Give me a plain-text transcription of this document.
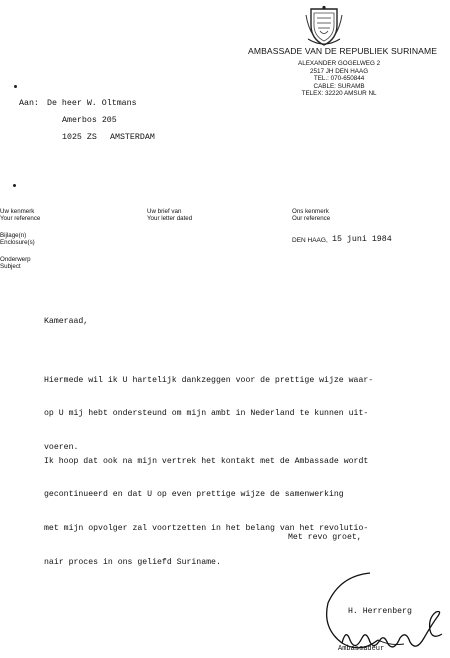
AMBASSADE VAN DE REPUBLIEK SURINAME
ALEXANDER GOGELWEG 2
2517 JH DEN HAAG
TEL.: 070-650844
CABLE: SURAMB
TELEX: 32220 AMSUR NL
Aan: De heer W. Oltmans
Amerbos 205
1025 ZS AMSTERDAM
Uw kenmerk
Your reference
Uw brief van
Your letter dated
Ons kenmerk
Our reference
Bijlage(n)
Enclosure(s)	DEN HAAG, 15 juni 1984
Onderwerp
Subject
Kameraad,

Hiermede wil ik U hartelijk dankzeggen voor de prettige wijze waar-

op U mij hebt ondersteund om mijn ambt in Nederland te kunnen uit-

voeren.

Ik hoop dat ook na mijn vertrek het kontakt met de Ambassade wordt

gecontinueerd en dat U op even prettige wijze de samenwerking

met mijn opvolger zal voortzetten in het belang van het revolutio-

nair proces in ons geliefd Suriname.

Met revo groet,
H. Herrenberg
Ambassadeur
